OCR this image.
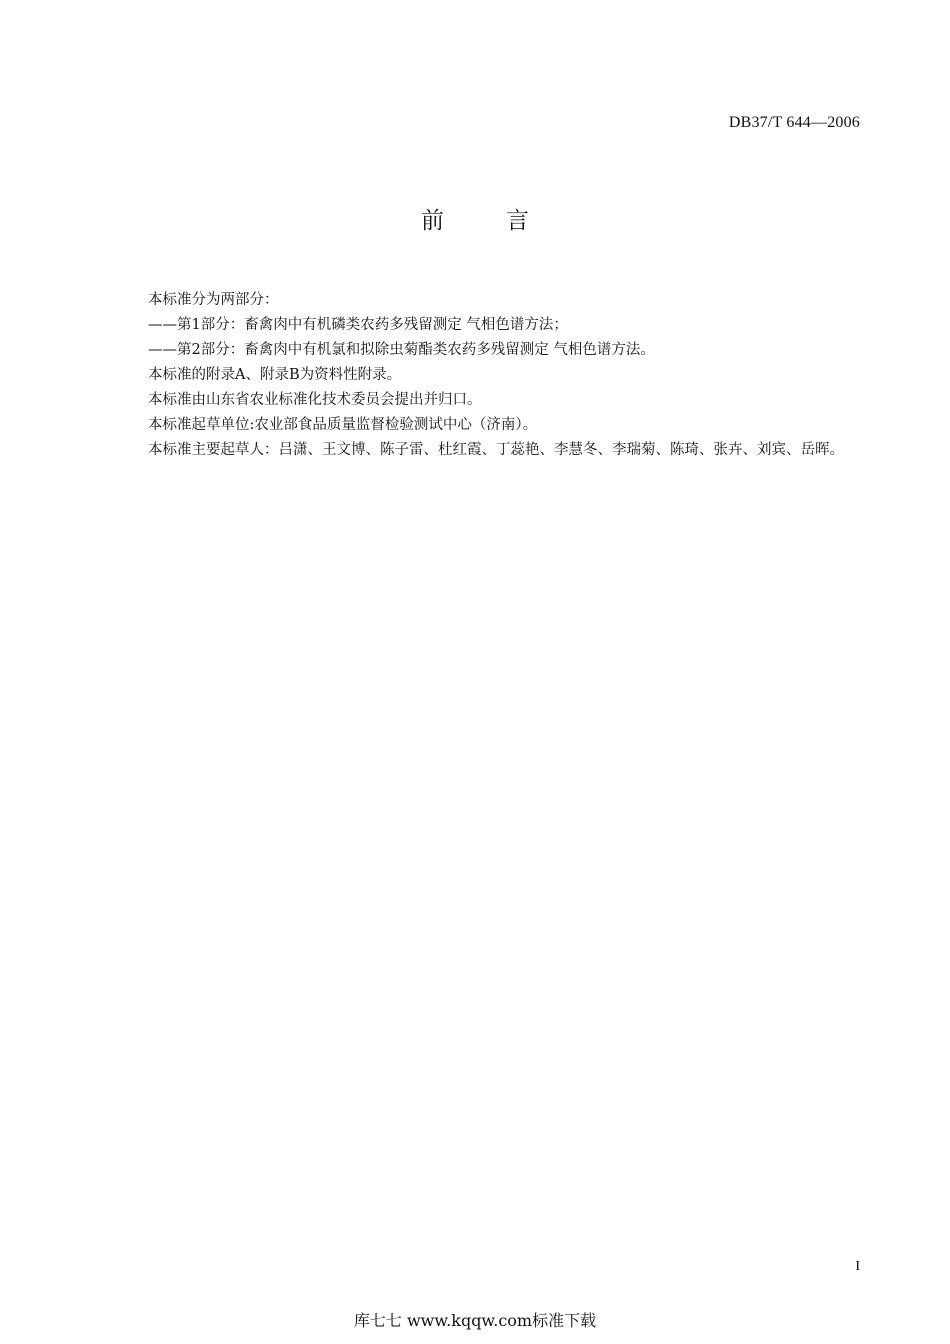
DB37/T 644—2006
前言

本标准分为两部分：

——第1部分：畜禽肉中有机磷类农药多残留测定 气相色谱方法；

——第2部分：畜禽肉中有机氯和拟除虫菊酯类农药多残留测定 气相色谱方法。

本标准的附录A、附录B为资料性附录。

本标准由山东省农业标准化技术委员会提出并归口。

本标准起草单位:农业部食品质量监督检验测试中心（济南）。

本标准主要起草人：吕潇、王文博、陈子雷、杜红霞、丁蕊艳、李慧冬、李瑞菊、陈琦、张卉、刘宾、岳晖。

I
库七七 www.kqqw.com标准下载
